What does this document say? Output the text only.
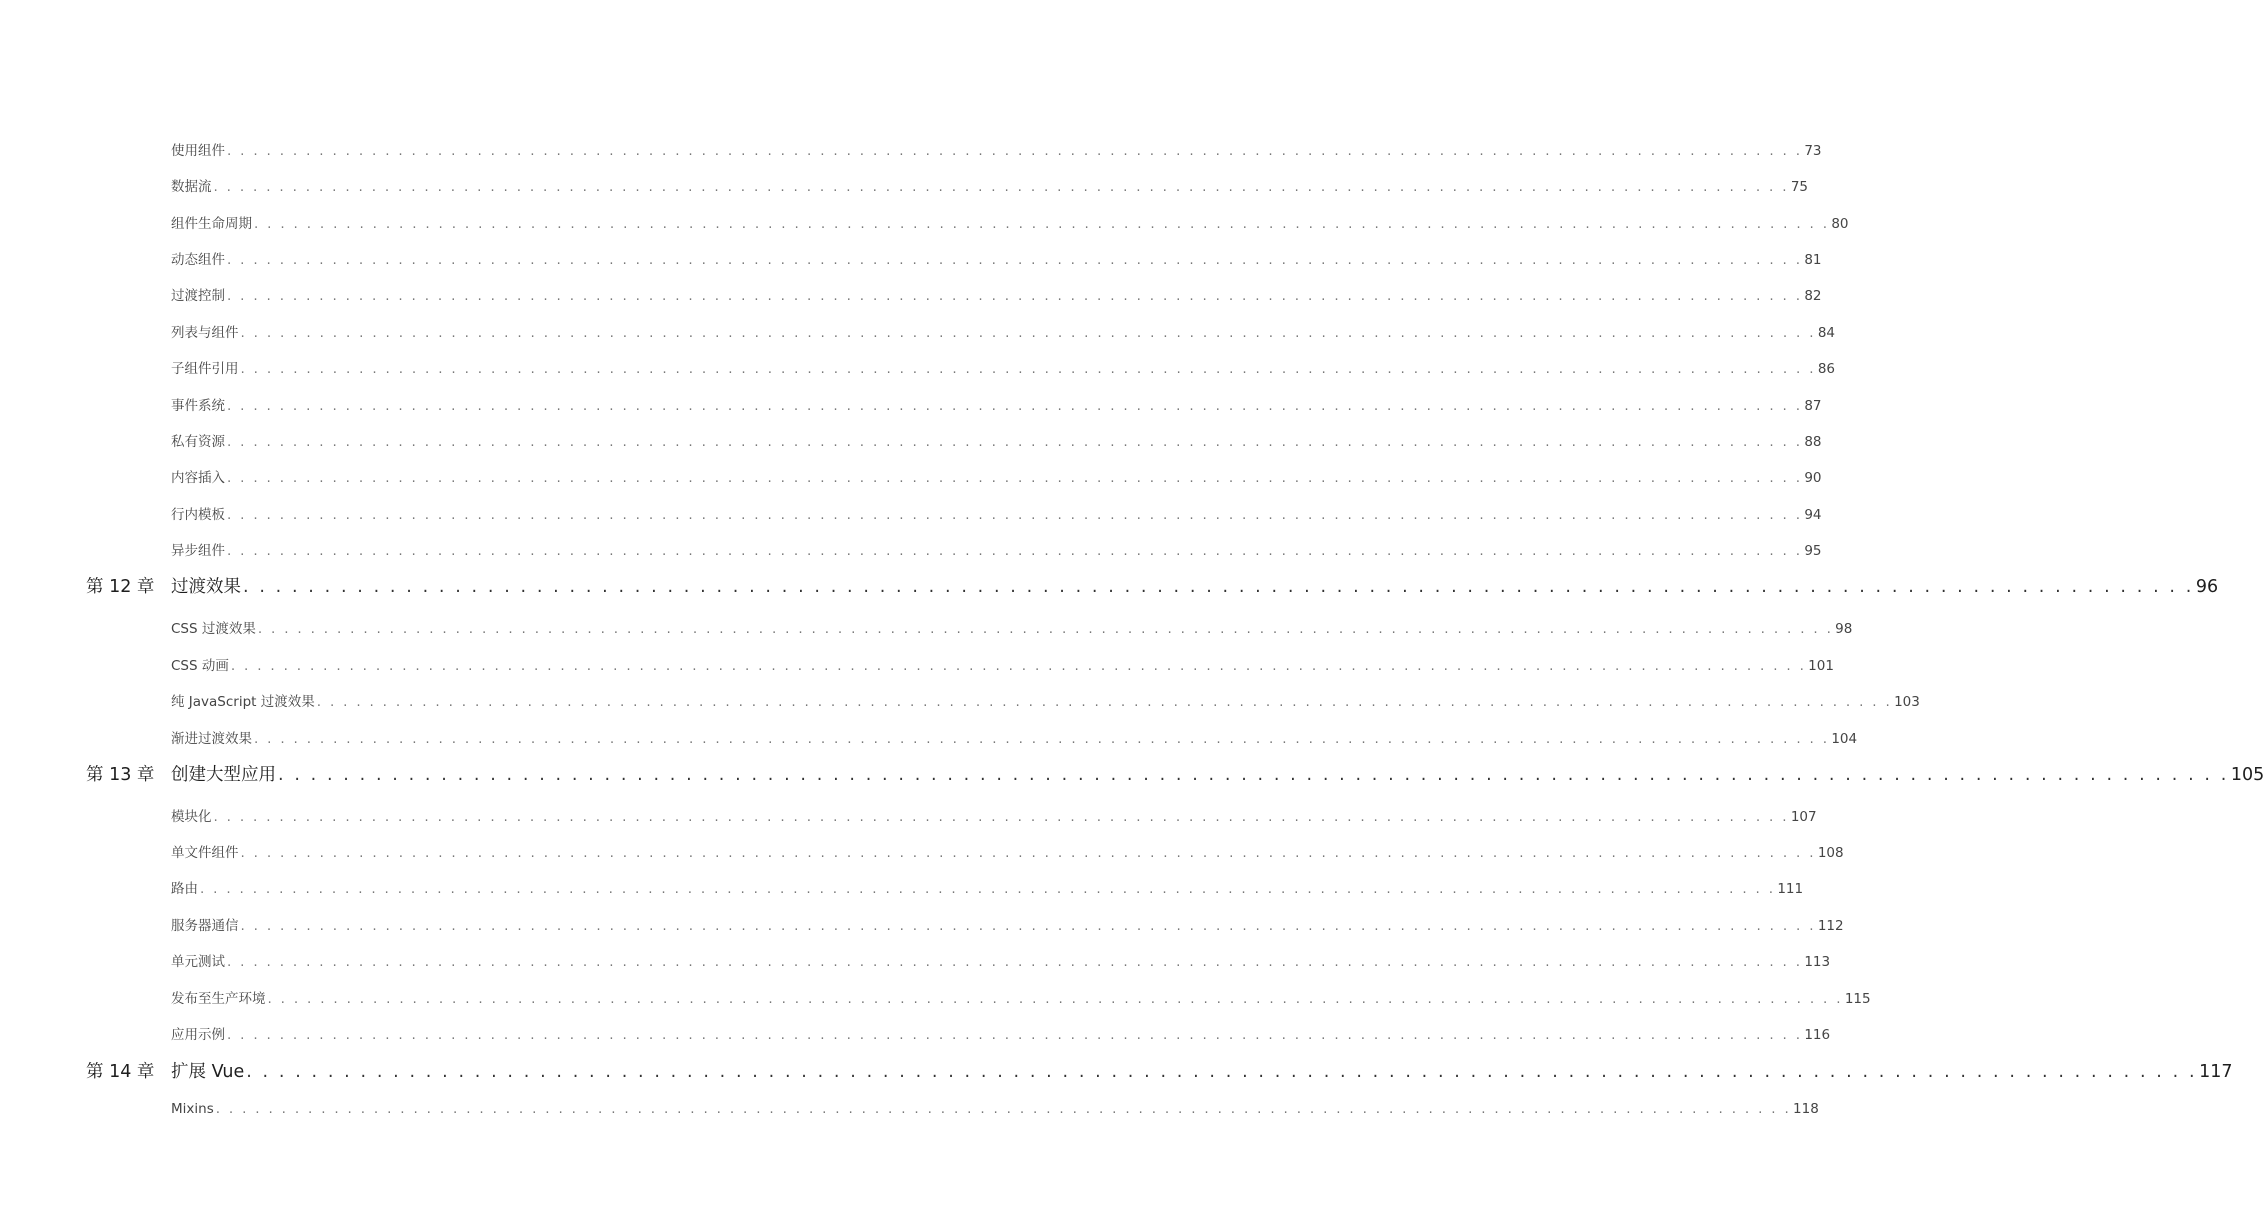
使用组件 . . . . . . . . . . . . . . . . . . . . . . . . . . . . . . . . . . . . . . . . . . . . . . . . . . . . . . . . . . . . . . . . . . . . . . . . . . . . . . . . . . . . . . . . . . . . . . . . . . . . . . . . . . . . . . . . . . . . . . . . 73
数据流 . . . . . . . . . . . . . . . . . . . . . . . . . . . . . . . . . . . . . . . . . . . . . . . . . . . . . . . . . . . . . . . . . . . . . . . . . . . . . . . . . . . . . . . . . . . . . . . . . . . . . . . . . . . . . . . . . . . . . . . . 75
组件生命周期 . . . . . . . . . . . . . . . . . . . . . . . . . . . . . . . . . . . . . . . . . . . . . . . . . . . . . . . . . . . . . . . . . . . . . . . . . . . . . . . . . . . . . . . . . . . . . . . . . . . . . . . . . . . . . . . . . . . . . . . . 80
动态组件 . . . . . . . . . . . . . . . . . . . . . . . . . . . . . . . . . . . . . . . . . . . . . . . . . . . . . . . . . . . . . . . . . . . . . . . . . . . . . . . . . . . . . . . . . . . . . . . . . . . . . . . . . . . . . . . . . . . . . . . . 81
过渡控制 . . . . . . . . . . . . . . . . . . . . . . . . . . . . . . . . . . . . . . . . . . . . . . . . . . . . . . . . . . . . . . . . . . . . . . . . . . . . . . . . . . . . . . . . . . . . . . . . . . . . . . . . . . . . . . . . . . . . . . . . 82
列表与组件 . . . . . . . . . . . . . . . . . . . . . . . . . . . . . . . . . . . . . . . . . . . . . . . . . . . . . . . . . . . . . . . . . . . . . . . . . . . . . . . . . . . . . . . . . . . . . . . . . . . . . . . . . . . . . . . . . . . . . . . . 84
子组件引用 . . . . . . . . . . . . . . . . . . . . . . . . . . . . . . . . . . . . . . . . . . . . . . . . . . . . . . . . . . . . . . . . . . . . . . . . . . . . . . . . . . . . . . . . . . . . . . . . . . . . . . . . . . . . . . . . . . . . . . . . 86
事件系统 . . . . . . . . . . . . . . . . . . . . . . . . . . . . . . . . . . . . . . . . . . . . . . . . . . . . . . . . . . . . . . . . . . . . . . . . . . . . . . . . . . . . . . . . . . . . . . . . . . . . . . . . . . . . . . . . . . . . . . . . 87
私有资源 . . . . . . . . . . . . . . . . . . . . . . . . . . . . . . . . . . . . . . . . . . . . . . . . . . . . . . . . . . . . . . . . . . . . . . . . . . . . . . . . . . . . . . . . . . . . . . . . . . . . . . . . . . . . . . . . . . . . . . . . 88
内容插入 . . . . . . . . . . . . . . . . . . . . . . . . . . . . . . . . . . . . . . . . . . . . . . . . . . . . . . . . . . . . . . . . . . . . . . . . . . . . . . . . . . . . . . . . . . . . . . . . . . . . . . . . . . . . . . . . . . . . . . . . 90
行内模板 . . . . . . . . . . . . . . . . . . . . . . . . . . . . . . . . . . . . . . . . . . . . . . . . . . . . . . . . . . . . . . . . . . . . . . . . . . . . . . . . . . . . . . . . . . . . . . . . . . . . . . . . . . . . . . . . . . . . . . . . 94
异步组件 . . . . . . . . . . . . . . . . . . . . . . . . . . . . . . . . . . . . . . . . . . . . . . . . . . . . . . . . . . . . . . . . . . . . . . . . . . . . . . . . . . . . . . . . . . . . . . . . . . . . . . . . . . . . . . . . . . . . . . . . 95
第 12 章 过渡效果 . . . . . . . . . . . . . . . . . . . . . . . . . . . . . . . . . . . . . . . . . . . . . . . . . . . . . . . . . . . . . . . . . . . . . . . . . . . . . . . . . . . . . . . . . . . . . . . . . . . . . . . . . . . . . . . . . . . . . . . . 96
CSS 过渡效果 . . . . . . . . . . . . . . . . . . . . . . . . . . . . . . . . . . . . . . . . . . . . . . . . . . . . . . . . . . . . . . . . . . . . . . . . . . . . . . . . . . . . . . . . . . . . . . . . . . . . . . . . . . . . . . . . . . . . . . . . 98
CSS 动画 . . . . . . . . . . . . . . . . . . . . . . . . . . . . . . . . . . . . . . . . . . . . . . . . . . . . . . . . . . . . . . . . . . . . . . . . . . . . . . . . . . . . . . . . . . . . . . . . . . . . . . . . . . . . . . . . . . . . . . . . 101
纯 JavaScript 过渡效果 . . . . . . . . . . . . . . . . . . . . . . . . . . . . . . . . . . . . . . . . . . . . . . . . . . . . . . . . . . . . . . . . . . . . . . . . . . . . . . . . . . . . . . . . . . . . . . . . . . . . . . . . . . . . . . . . . . . . . . . . 103
渐进过渡效果 . . . . . . . . . . . . . . . . . . . . . . . . . . . . . . . . . . . . . . . . . . . . . . . . . . . . . . . . . . . . . . . . . . . . . . . . . . . . . . . . . . . . . . . . . . . . . . . . . . . . . . . . . . . . . . . . . . . . . . . . 104
第 13 章 创建大型应用 . . . . . . . . . . . . . . . . . . . . . . . . . . . . . . . . . . . . . . . . . . . . . . . . . . . . . . . . . . . . . . . . . . . . . . . . . . . . . . . . . . . . . . . . . . . . . . . . . . . . . . . . . . . . . . . . . . . . . . . . 105
模块化 . . . . . . . . . . . . . . . . . . . . . . . . . . . . . . . . . . . . . . . . . . . . . . . . . . . . . . . . . . . . . . . . . . . . . . . . . . . . . . . . . . . . . . . . . . . . . . . . . . . . . . . . . . . . . . . . . . . . . . . . 107
单文件组件 . . . . . . . . . . . . . . . . . . . . . . . . . . . . . . . . . . . . . . . . . . . . . . . . . . . . . . . . . . . . . . . . . . . . . . . . . . . . . . . . . . . . . . . . . . . . . . . . . . . . . . . . . . . . . . . . . . . . . . . . 108
路由 . . . . . . . . . . . . . . . . . . . . . . . . . . . . . . . . . . . . . . . . . . . . . . . . . . . . . . . . . . . . . . . . . . . . . . . . . . . . . . . . . . . . . . . . . . . . . . . . . . . . . . . . . . . . . . . . . . . . . . . . 111
服务器通信 . . . . . . . . . . . . . . . . . . . . . . . . . . . . . . . . . . . . . . . . . . . . . . . . . . . . . . . . . . . . . . . . . . . . . . . . . . . . . . . . . . . . . . . . . . . . . . . . . . . . . . . . . . . . . . . . . . . . . . . . 112
单元测试 . . . . . . . . . . . . . . . . . . . . . . . . . . . . . . . . . . . . . . . . . . . . . . . . . . . . . . . . . . . . . . . . . . . . . . . . . . . . . . . . . . . . . . . . . . . . . . . . . . . . . . . . . . . . . . . . . . . . . . . . 113
发布至生产环境 . . . . . . . . . . . . . . . . . . . . . . . . . . . . . . . . . . . . . . . . . . . . . . . . . . . . . . . . . . . . . . . . . . . . . . . . . . . . . . . . . . . . . . . . . . . . . . . . . . . . . . . . . . . . . . . . . . . . . . . . 115
应用示例 . . . . . . . . . . . . . . . . . . . . . . . . . . . . . . . . . . . . . . . . . . . . . . . . . . . . . . . . . . . . . . . . . . . . . . . . . . . . . . . . . . . . . . . . . . . . . . . . . . . . . . . . . . . . . . . . . . . . . . . . 116
第 14 章 扩展 Vue . . . . . . . . . . . . . . . . . . . . . . . . . . . . . . . . . . . . . . . . . . . . . . . . . . . . . . . . . . . . . . . . . . . . . . . . . . . . . . . . . . . . . . . . . . . . . . . . . . . . . . . . . . . . . . . . . . . . . . . . 117
Mixins . . . . . . . . . . . . . . . . . . . . . . . . . . . . . . . . . . . . . . . . . . . . . . . . . . . . . . . . . . . . . . . . . . . . . . . . . . . . . . . . . . . . . . . . . . . . . . . . . . . . . . . . . . . . . . . . . . . . . . . . 118
